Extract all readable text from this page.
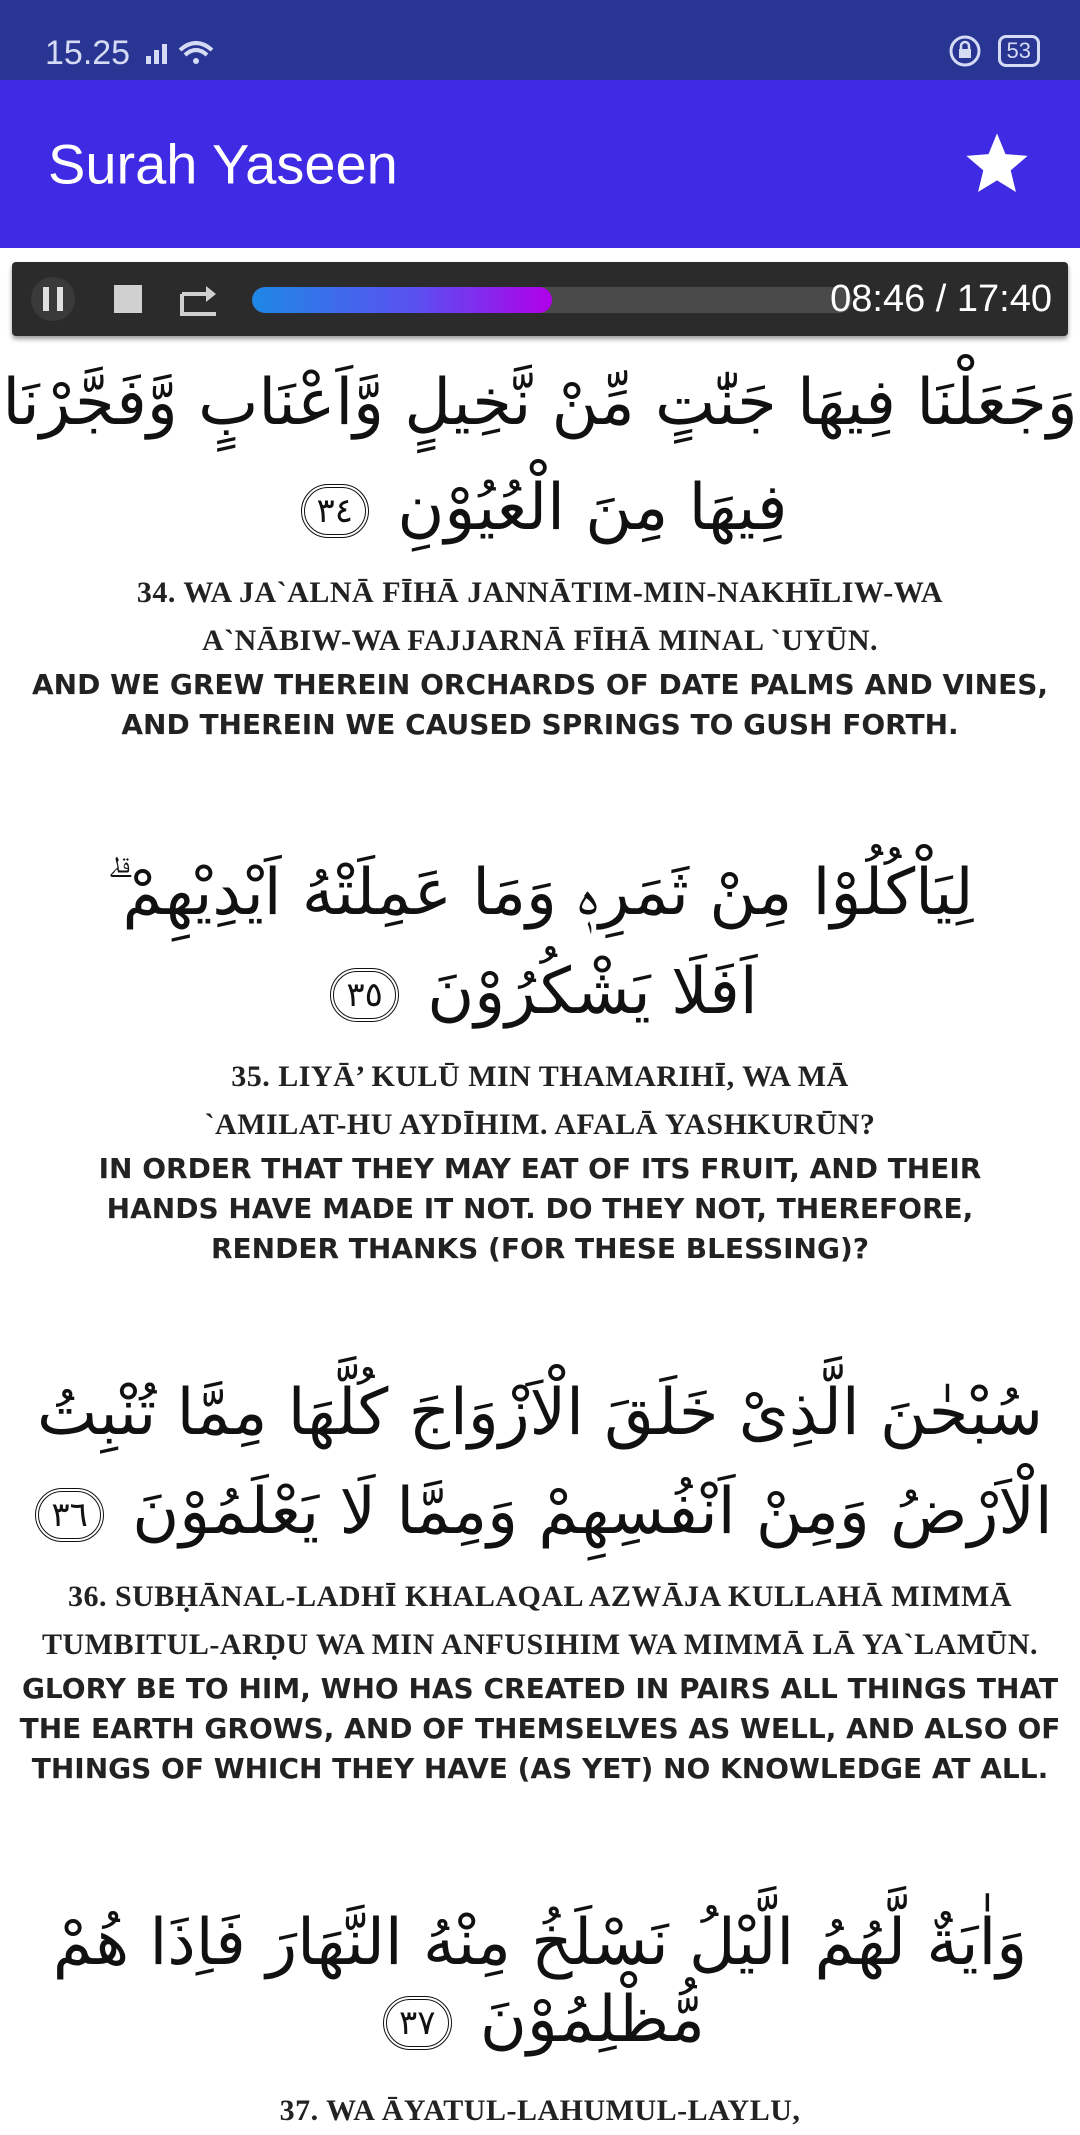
15.25	53
Surah Yaseen
08:46 / 17:40
وَجَعَلْنَا فِيهَا جَنّٰتٍ مِّنْ نَّخِيلٍ وَّاَعْنَابٍ وَّفَجَّرْنَا
فِيهَا مِنَ الْعُيُوْنِ ٣٤
34. WA JA`ALNĀ FĪHĀ JANNĀTIM-MIN-NAKHĪLIW-WA
A`NĀBIW-WA FAJJARNĀ FĪHĀ MINAL `UYŪN.
AND WE GREW THEREIN ORCHARDS OF DATE PALMS AND VINES,
AND THEREIN WE CAUSED SPRINGS TO GUSH FORTH.
لِيَاْكُلُوْا مِنْ ثَمَرِهٖ وَمَا عَمِلَتْهُ اَيْدِيْهِمْ ۗ
اَفَلَا يَشْكُرُوْنَ ٣٥
35. LIYĀ’ KULŪ MIN THAMARIHĪ, WA MĀ
`AMILAT-HU AYDĪHIM. AFALĀ YASHKURŪN?
IN ORDER THAT THEY MAY EAT OF ITS FRUIT, AND THEIR
HANDS HAVE MADE IT NOT. DO THEY NOT, THEREFORE,
RENDER THANKS (FOR THESE BLESSING)?
سُبْحٰنَ الَّذِىْ خَلَقَ الْاَزْوَاجَ كُلَّهَا مِمَّا تُنْبِتُ
الْاَرْضُ وَمِنْ اَنْفُسِهِمْ وَمِمَّا لَا يَعْلَمُوْنَ ٣٦
36. SUBḤĀNAL-LADHĪ KHALAQAL AZWĀJA KULLAHĀ MIMMĀ
TUMBITUL-ARḌU WA MIN ANFUSIHIM WA MIMMĀ LĀ YA`LAMŪN.
GLORY BE TO HIM, WHO HAS CREATED IN PAIRS ALL THINGS THAT
THE EARTH GROWS, AND OF THEMSELVES AS WELL, AND ALSO OF
THINGS OF WHICH THEY HAVE (AS YET) NO KNOWLEDGE AT ALL.
وَاٰيَةٌ لَّهُمُ الَّيْلُ نَسْلَخُ مِنْهُ النَّهَارَ فَاِذَا هُمْ مُّظْلِمُوْنَ ٣٧
37. WA ĀYATUL-LAHUMUL-LAYLU,
